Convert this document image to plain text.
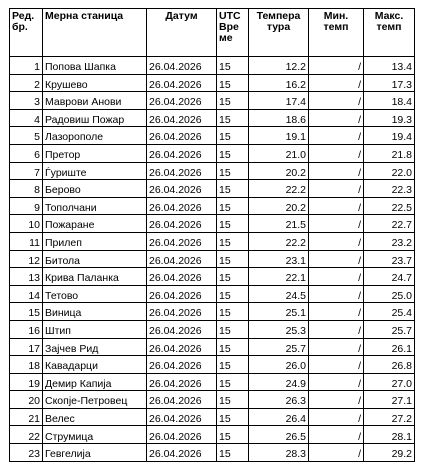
Ред. бр.	Мерна станица	Датум	UTC Вре ме	Темпера тура	Мин. темп	Макс. темп
1	Попова Шапка	26.04.2026	15	12.2	/	13.4
2	Крушево	26.04.2026	15	16.2	/	17.3
3	Маврови Анови	26.04.2026	15	17.4	/	18.4
4	Радовиш Пожар	26.04.2026	15	18.6	/	19.3
5	Лазорополе	26.04.2026	15	19.1	/	19.4
6	Претор	26.04.2026	15	21.0	/	21.8
7	Ѓуриште	26.04.2026	15	20.2	/	22.0
8	Берово	26.04.2026	15	22.2	/	22.3
9	Тополчани	26.04.2026	15	20.2	/	22.5
10	Пожаране	26.04.2026	15	21.5	/	22.7
11	Прилеп	26.04.2026	15	22.2	/	23.2
12	Битола	26.04.2026	15	23.1	/	23.7
13	Крива Паланка	26.04.2026	15	22.1	/	24.7
14	Тетово	26.04.2026	15	24.5	/	25.0
15	Виница	26.04.2026	15	25.1	/	25.4
16	Штип	26.04.2026	15	25.3	/	25.7
17	Зајчев Рид	26.04.2026	15	25.7	/	26.1
18	Кавадарци	26.04.2026	15	26.0	/	26.8
19	Демир Капија	26.04.2026	15	24.9	/	27.0
20	Скопје-Петровец	26.04.2026	15	26.3	/	27.1
21	Велес	26.04.2026	15	26.4	/	27.2
22	Струмица	26.04.2026	15	26.5	/	28.1
23	Гевгелија	26.04.2026	15	28.3	/	29.2
